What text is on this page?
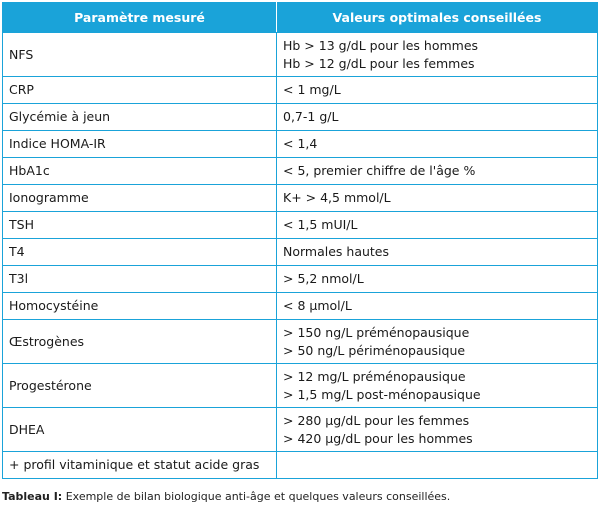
Paramètre mesuré	Valeurs optimales conseillées
NFS	Hb > 13 g/dL pour les hommes
Hb > 12 g/dL pour les femmes

CRP	< 1 mg/L

Glycémie à jeun	0,7-1 g/L

Indice HOMA-IR	< 1,4

HbA1c	< 5, premier chiffre de l'âge %

Ionogramme	K+ > 4,5 mmol/L

TSH	< 1,5 mUI/L

T4	Normales hautes

T3l	> 5,2 nmol/L

Homocystéine	< 8 µmol/L

Œstrogènes	> 150 ng/L préménopausique
> 50 ng/L périménopausique

Progestérone	> 12 mg/L préménopausique
> 1,5 mg/L post-ménopausique

DHEA	> 280 µg/dL pour les femmes
> 420 µg/dL pour les hommes

+ profil vitaminique et statut acide gras	
Tableau I: Exemple de bilan biologique anti-âge et quelques valeurs conseillées.
